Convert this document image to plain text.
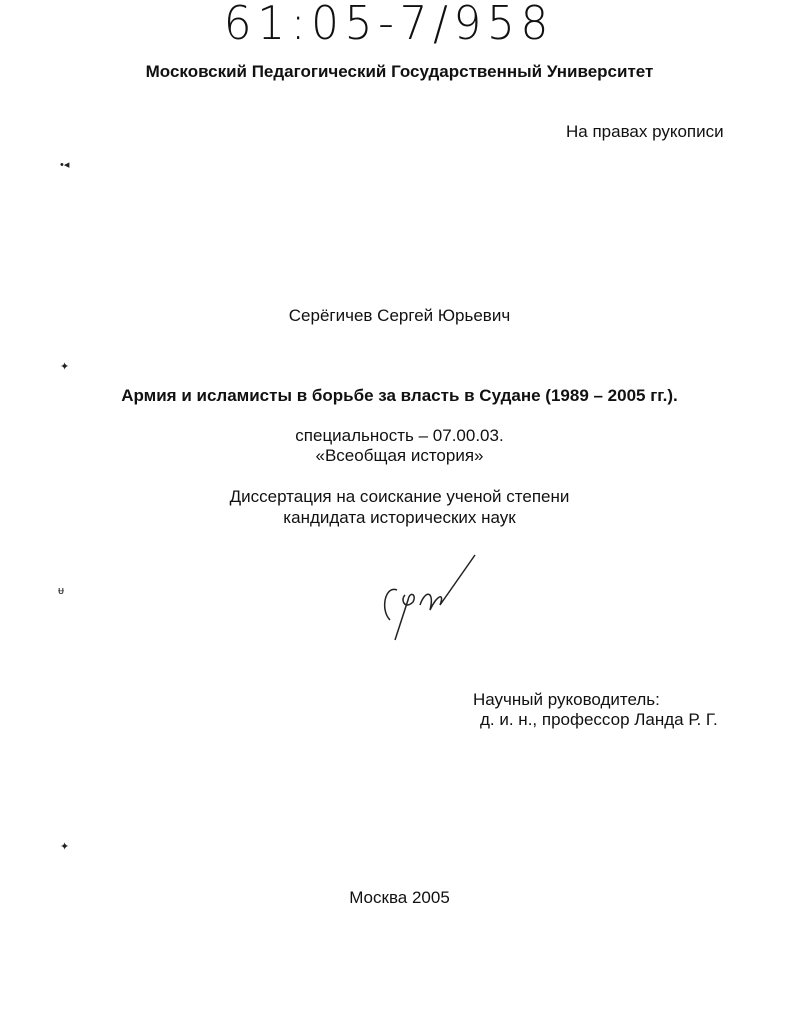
61:05-7/958
Московский Педагогический Государственный Университет
На правах рукописи
•◂
✦
ᵾ
✦
Серёгичев Сергей Юрьевич
Армия и исламисты в борьбе за власть в Судане (1989 – 2005 гг.).
специальность – 07.00.03.
«Всеобщая история»
Диссертация на соискание ученой степени
кандидата исторических наук
Научный руководитель:
д. и. н., профессор Ланда Р. Г.
Москва 2005
